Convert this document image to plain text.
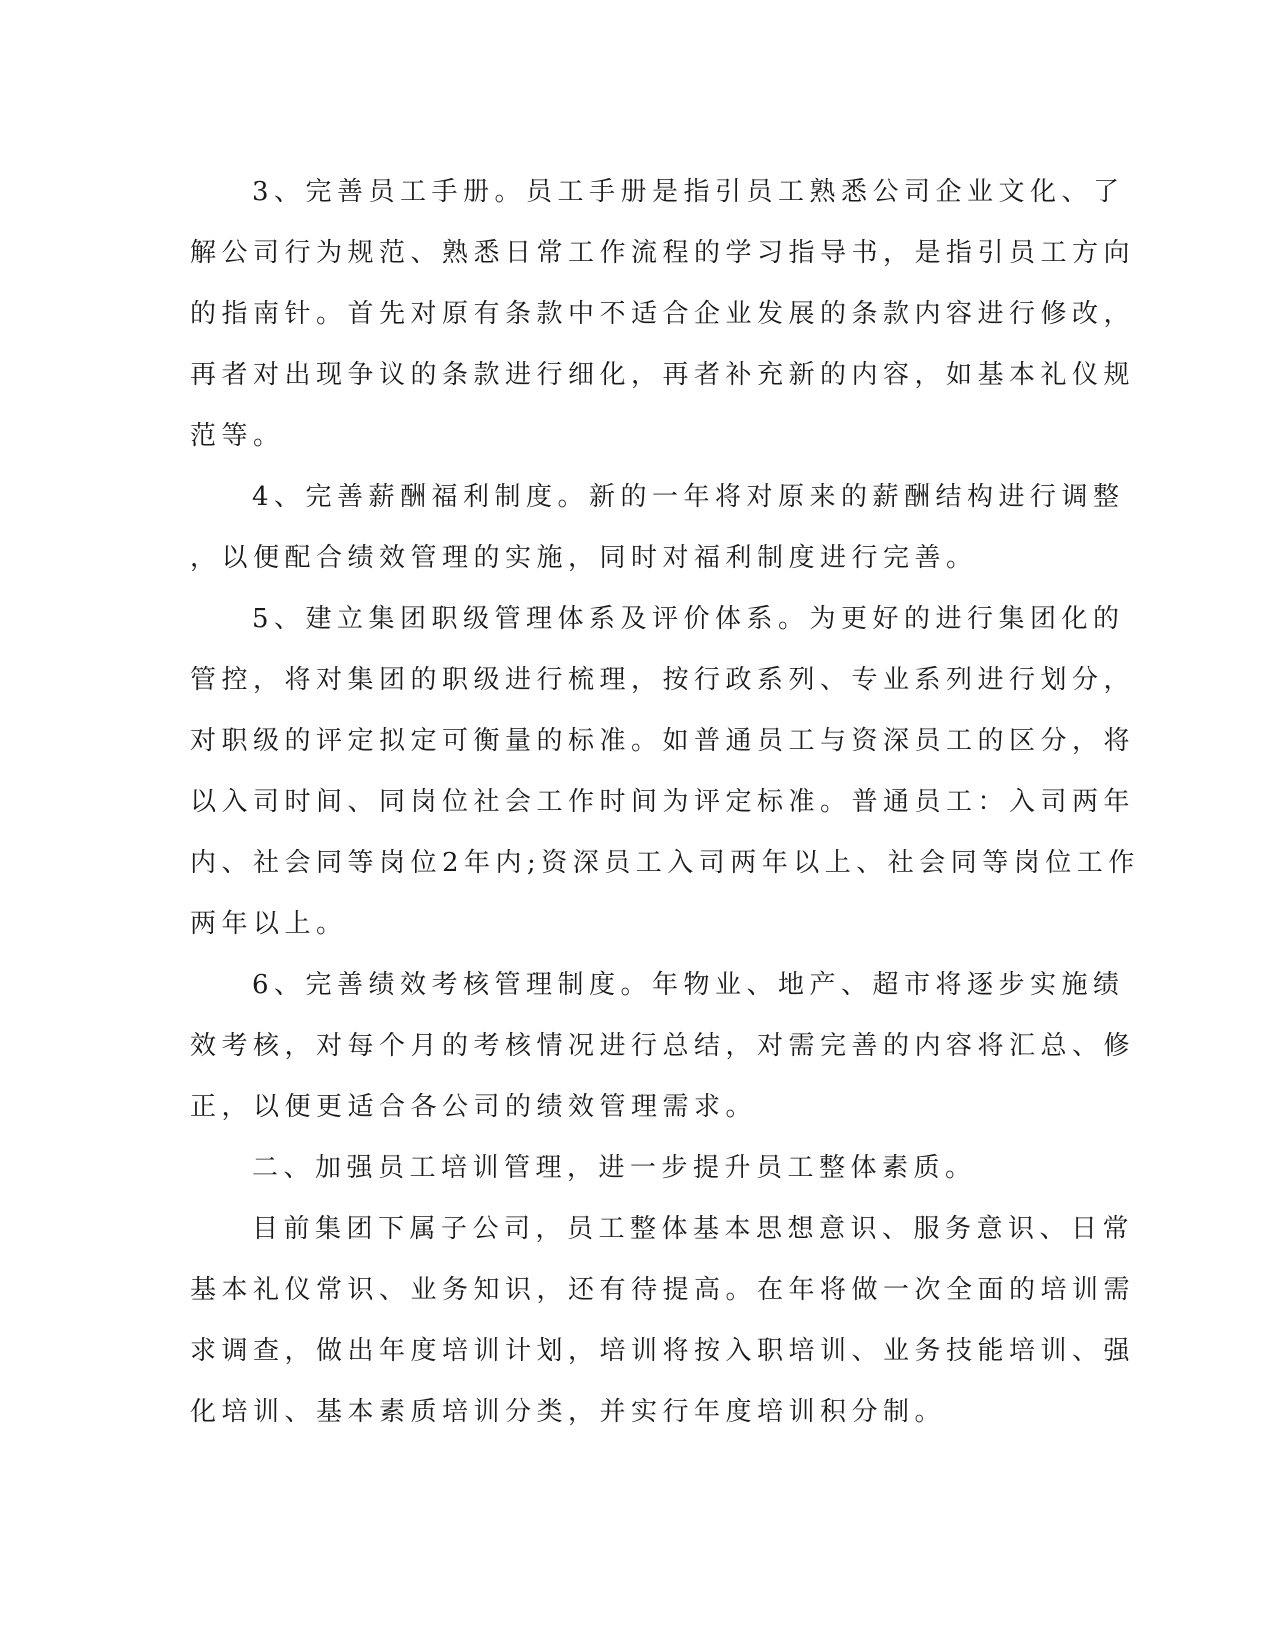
3、完善员工手册。员工手册是指引员工熟悉公司企业文化、了
解公司行为规范、熟悉日常工作流程的学习指导书，是指引员工方向
的指南针。首先对原有条款中不适合企业发展的条款内容进行修改，
再者对出现争议的条款进行细化，再者补充新的内容，如基本礼仪规
范等。
4、完善薪酬福利制度。新的一年将对原来的薪酬结构进行调整
，以便配合绩效管理的实施，同时对福利制度进行完善。
5、建立集团职级管理体系及评价体系。为更好的进行集团化的
管控，将对集团的职级进行梳理，按行政系列、专业系列进行划分，
对职级的评定拟定可衡量的标准。如普通员工与资深员工的区分，将
以入司时间、同岗位社会工作时间为评定标准。普通员工：入司两年
内、社会同等岗位2年内;资深员工入司两年以上、社会同等岗位工作
两年以上。
6、完善绩效考核管理制度。年物业、地产、超市将逐步实施绩
效考核，对每个月的考核情况进行总结，对需完善的内容将汇总、修
正，以便更适合各公司的绩效管理需求。
二、加强员工培训管理，进一步提升员工整体素质。
目前集团下属子公司，员工整体基本思想意识、服务意识、日常
基本礼仪常识、业务知识，还有待提高。在年将做一次全面的培训需
求调查，做出年度培训计划，培训将按入职培训、业务技能培训、强
化培训、基本素质培训分类，并实行年度培训积分制。
